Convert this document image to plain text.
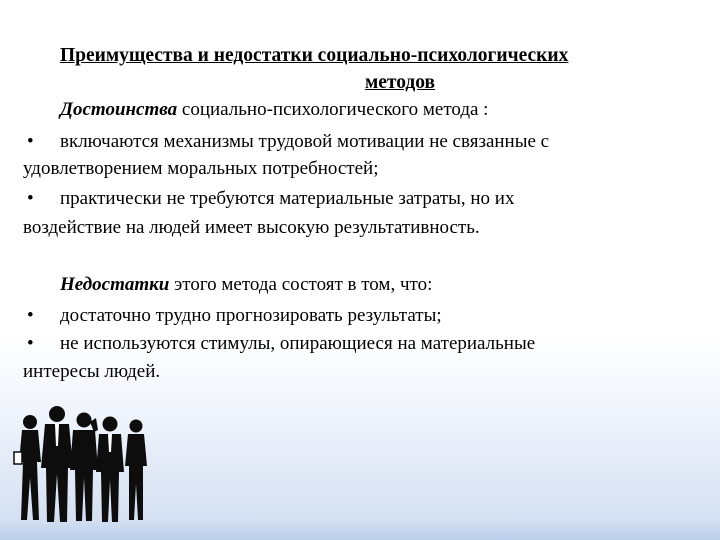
Преимущества и недостатки социально-психологических
методов
Достоинства социально-психологического метода :
• включаются механизмы трудовой мотивации не связанные с
удовлетворением моральных потребностей;
• практически не требуются материальные затраты, но их
воздействие на людей имеет высокую результативность.
Недостатки этого метода состоят в том, что:
• достаточно трудно прогнозировать результаты;
• не используются стимулы, опирающиеся на материальные
интересы людей.
